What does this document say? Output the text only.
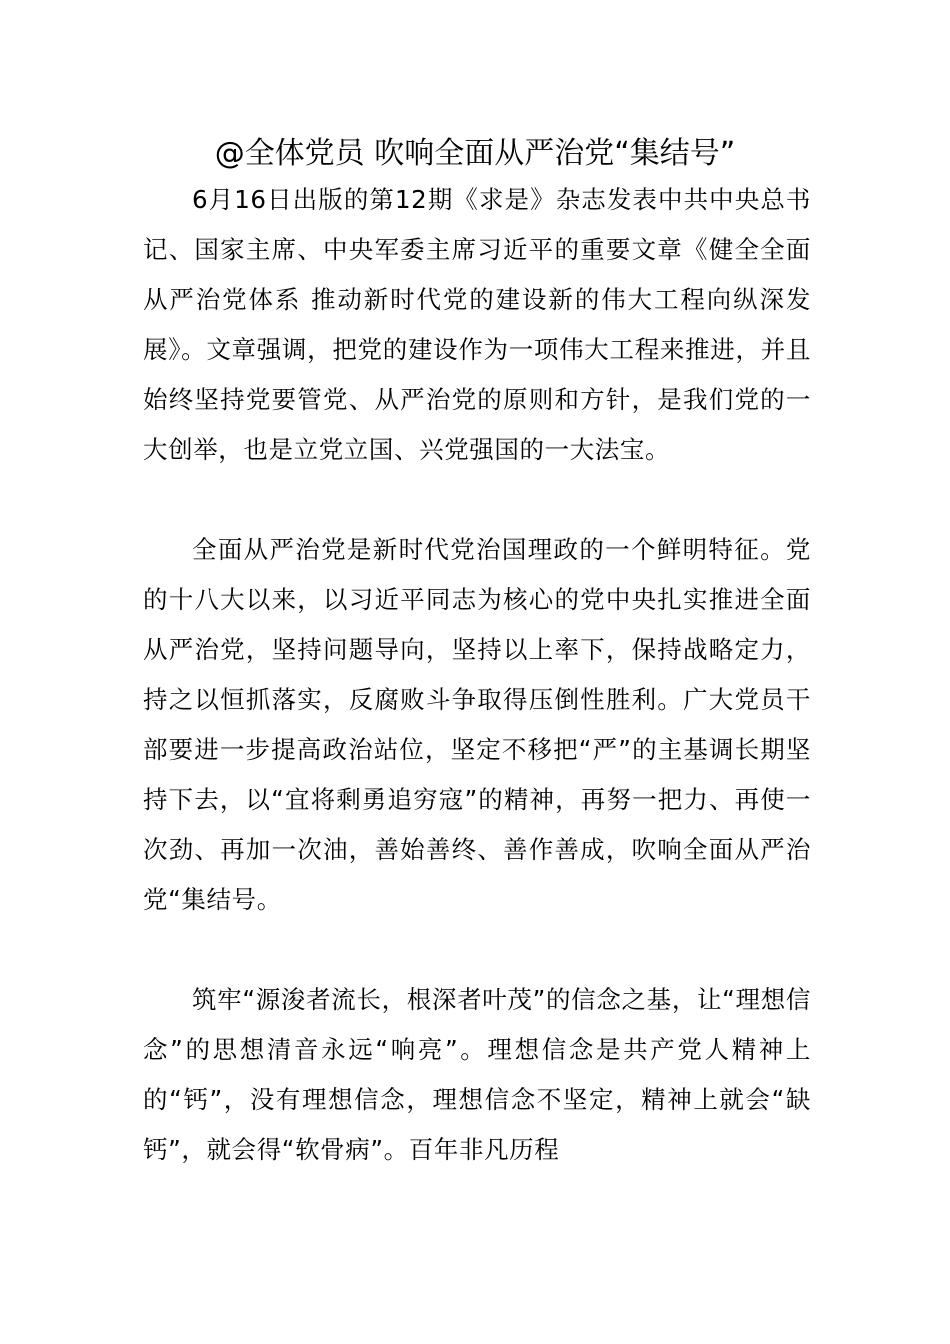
@全体党员 吹响全面从严治党“集结号”

6月16日出版的第12期《求是》杂志发表中共中央总书记、国家主席、中央军委主席习近平的重要文章《健全全面从严治党体系 推动新时代党的建设新的伟大工程向纵深发展》。文章强调，把党的建设作为一项伟大工程来推进，并且始终坚持党要管党、从严治党的原则和方针，是我们党的一大创举，也是立党立国、兴党强国的一大法宝。

全面从严治党是新时代党治国理政的一个鲜明特征。党的十八大以来，以习近平同志为核心的党中央扎实推进全面从严治党，坚持问题导向，坚持以上率下，保持战略定力，持之以恒抓落实，反腐败斗争取得压倒性胜利。广大党员干部要进一步提高政治站位，坚定不移把“严”的主基调长期坚持下去，以“宜将剩勇追穷寇”的精神，再努一把力、再使一次劲、再加一次油，善始善终、善作善成，吹响全面从严治党“集结号。

筑牢“源浚者流长，根深者叶茂”的信念之基，让“理想信念”的思想清音永远“响亮”。理想信念是共产党人精神上的“钙”，没有理想信念，理想信念不坚定，精神上就会“缺钙”，就会得“软骨病”。百年非凡历程
